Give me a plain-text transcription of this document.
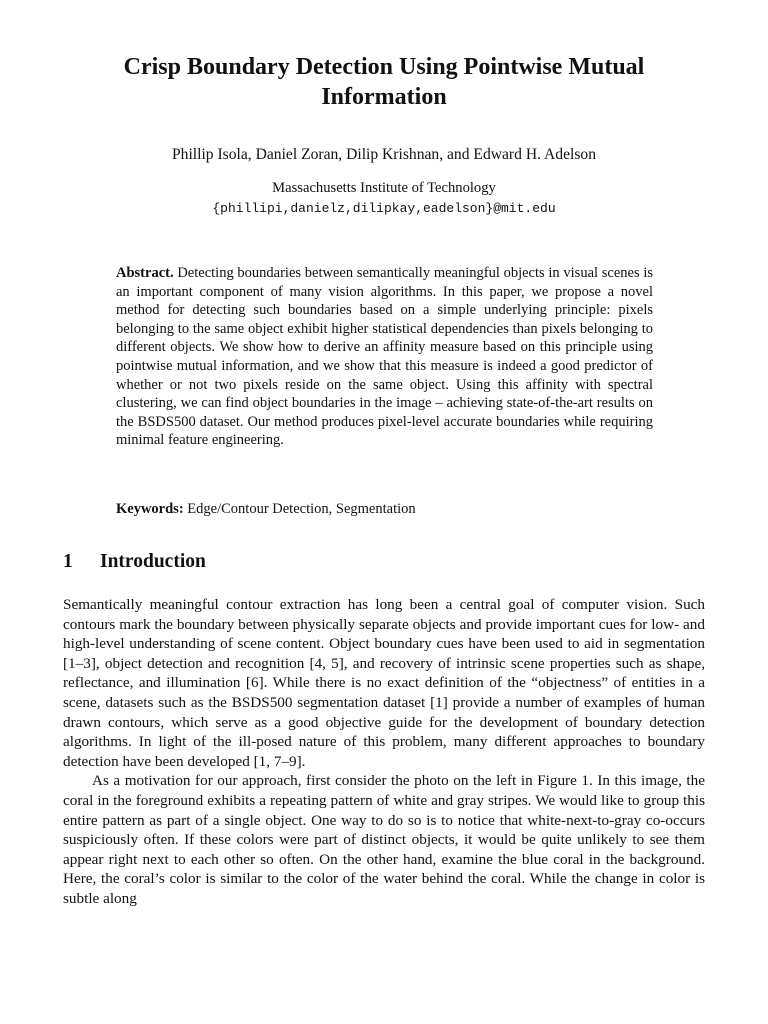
Crisp Boundary Detection Using Pointwise Mutual Information
Phillip Isola, Daniel Zoran, Dilip Krishnan, and Edward H. Adelson
Massachusetts Institute of Technology
{phillipi,danielz,dilipkay,eadelson}@mit.edu
Abstract. Detecting boundaries between semantically meaningful objects in visual scenes is an important component of many vision algorithms. In this paper, we propose a novel method for detecting such boundaries based on a simple underlying principle: pixels belonging to the same object exhibit higher statistical dependencies than pixels belonging to different objects. We show how to derive an affinity measure based on this principle using pointwise mutual information, and we show that this measure is indeed a good predictor of whether or not two pixels reside on the same object. Using this affinity with spectral clustering, we can find object boundaries in the image – achieving state-of-the-art results on the BSDS500 dataset. Our method produces pixel-level accurate boundaries while requiring minimal feature engineering.
Keywords: Edge/Contour Detection, Segmentation
1 Introduction

Semantically meaningful contour extraction has long been a central goal of computer vision. Such contours mark the boundary between physically separate objects and provide important cues for low- and high-level understanding of scene content. Object boundary cues have been used to aid in segmentation [1–3], object detection and recognition [4, 5], and recovery of intrinsic scene properties such as shape, reflectance, and illumination [6]. While there is no exact definition of the “objectness” of entities in a scene, datasets such as the BSDS500 segmentation dataset [1] provide a number of examples of human drawn contours, which serve as a good objective guide for the development of boundary detection algorithms. In light of the ill-posed nature of this problem, many different approaches to boundary detection have been developed [1, 7–9].

As a motivation for our approach, first consider the photo on the left in Figure 1. In this image, the coral in the foreground exhibits a repeating pattern of white and gray stripes. We would like to group this entire pattern as part of a single object. One way to do so is to notice that white-next-to-gray co-occurs suspiciously often. If these colors were part of distinct objects, it would be quite unlikely to see them appear right next to each other so often. On the other hand, examine the blue coral in the background. Here, the coral’s color is similar to the color of the water behind the coral. While the change in color is subtle along
